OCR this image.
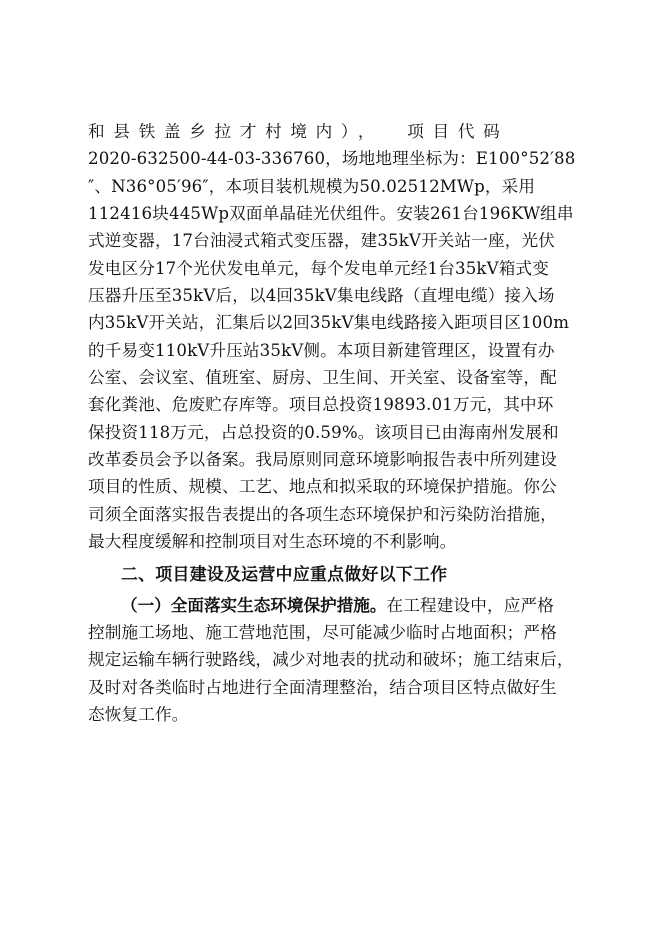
和县铁盖乡拉才村境内）， 项目代码
2020-632500-44-03-336760，场地地理坐标为：E100°52′88
″、N36°05′96″，本项目装机规模为50.02512MWp，采用
112416块445Wp双面单晶硅光伏组件。安装261台196KW组串
式逆变器，17台油浸式箱式变压器，建35kV开关站一座，光伏
发电区分17个光伏发电单元，每个发电单元经1台35kV箱式变
压器升压至35kV后，以4回35kV集电线路（直埋电缆）接入场
内35kV开关站，汇集后以2回35kV集电线路接入距项目区100m
的千易变110kV升压站35kV侧。本项目新建管理区，设置有办
公室、会议室、值班室、厨房、卫生间、开关室、设备室等，配
套化粪池、危废贮存库等。项目总投资19893.01万元，其中环
保投资118万元，占总投资的0.59%。该项目已由海南州发展和
改革委员会予以备案。我局原则同意环境影响报告表中所列建设
项目的性质、规模、工艺、地点和拟采取的环境保护措施。你公
司须全面落实报告表提出的各项生态环境保护和污染防治措施，
最大程度缓解和控制项目对生态环境的不利影响。
二、项目建设及运营中应重点做好以下工作
（一）全面落实生态环境保护措施。在工程建设中，应严格
控制施工场地、施工营地范围，尽可能减少临时占地面积；严格
规定运输车辆行驶路线，减少对地表的扰动和破坏；施工结束后，
及时对各类临时占地进行全面清理整治，结合项目区特点做好生
态恢复工作。
